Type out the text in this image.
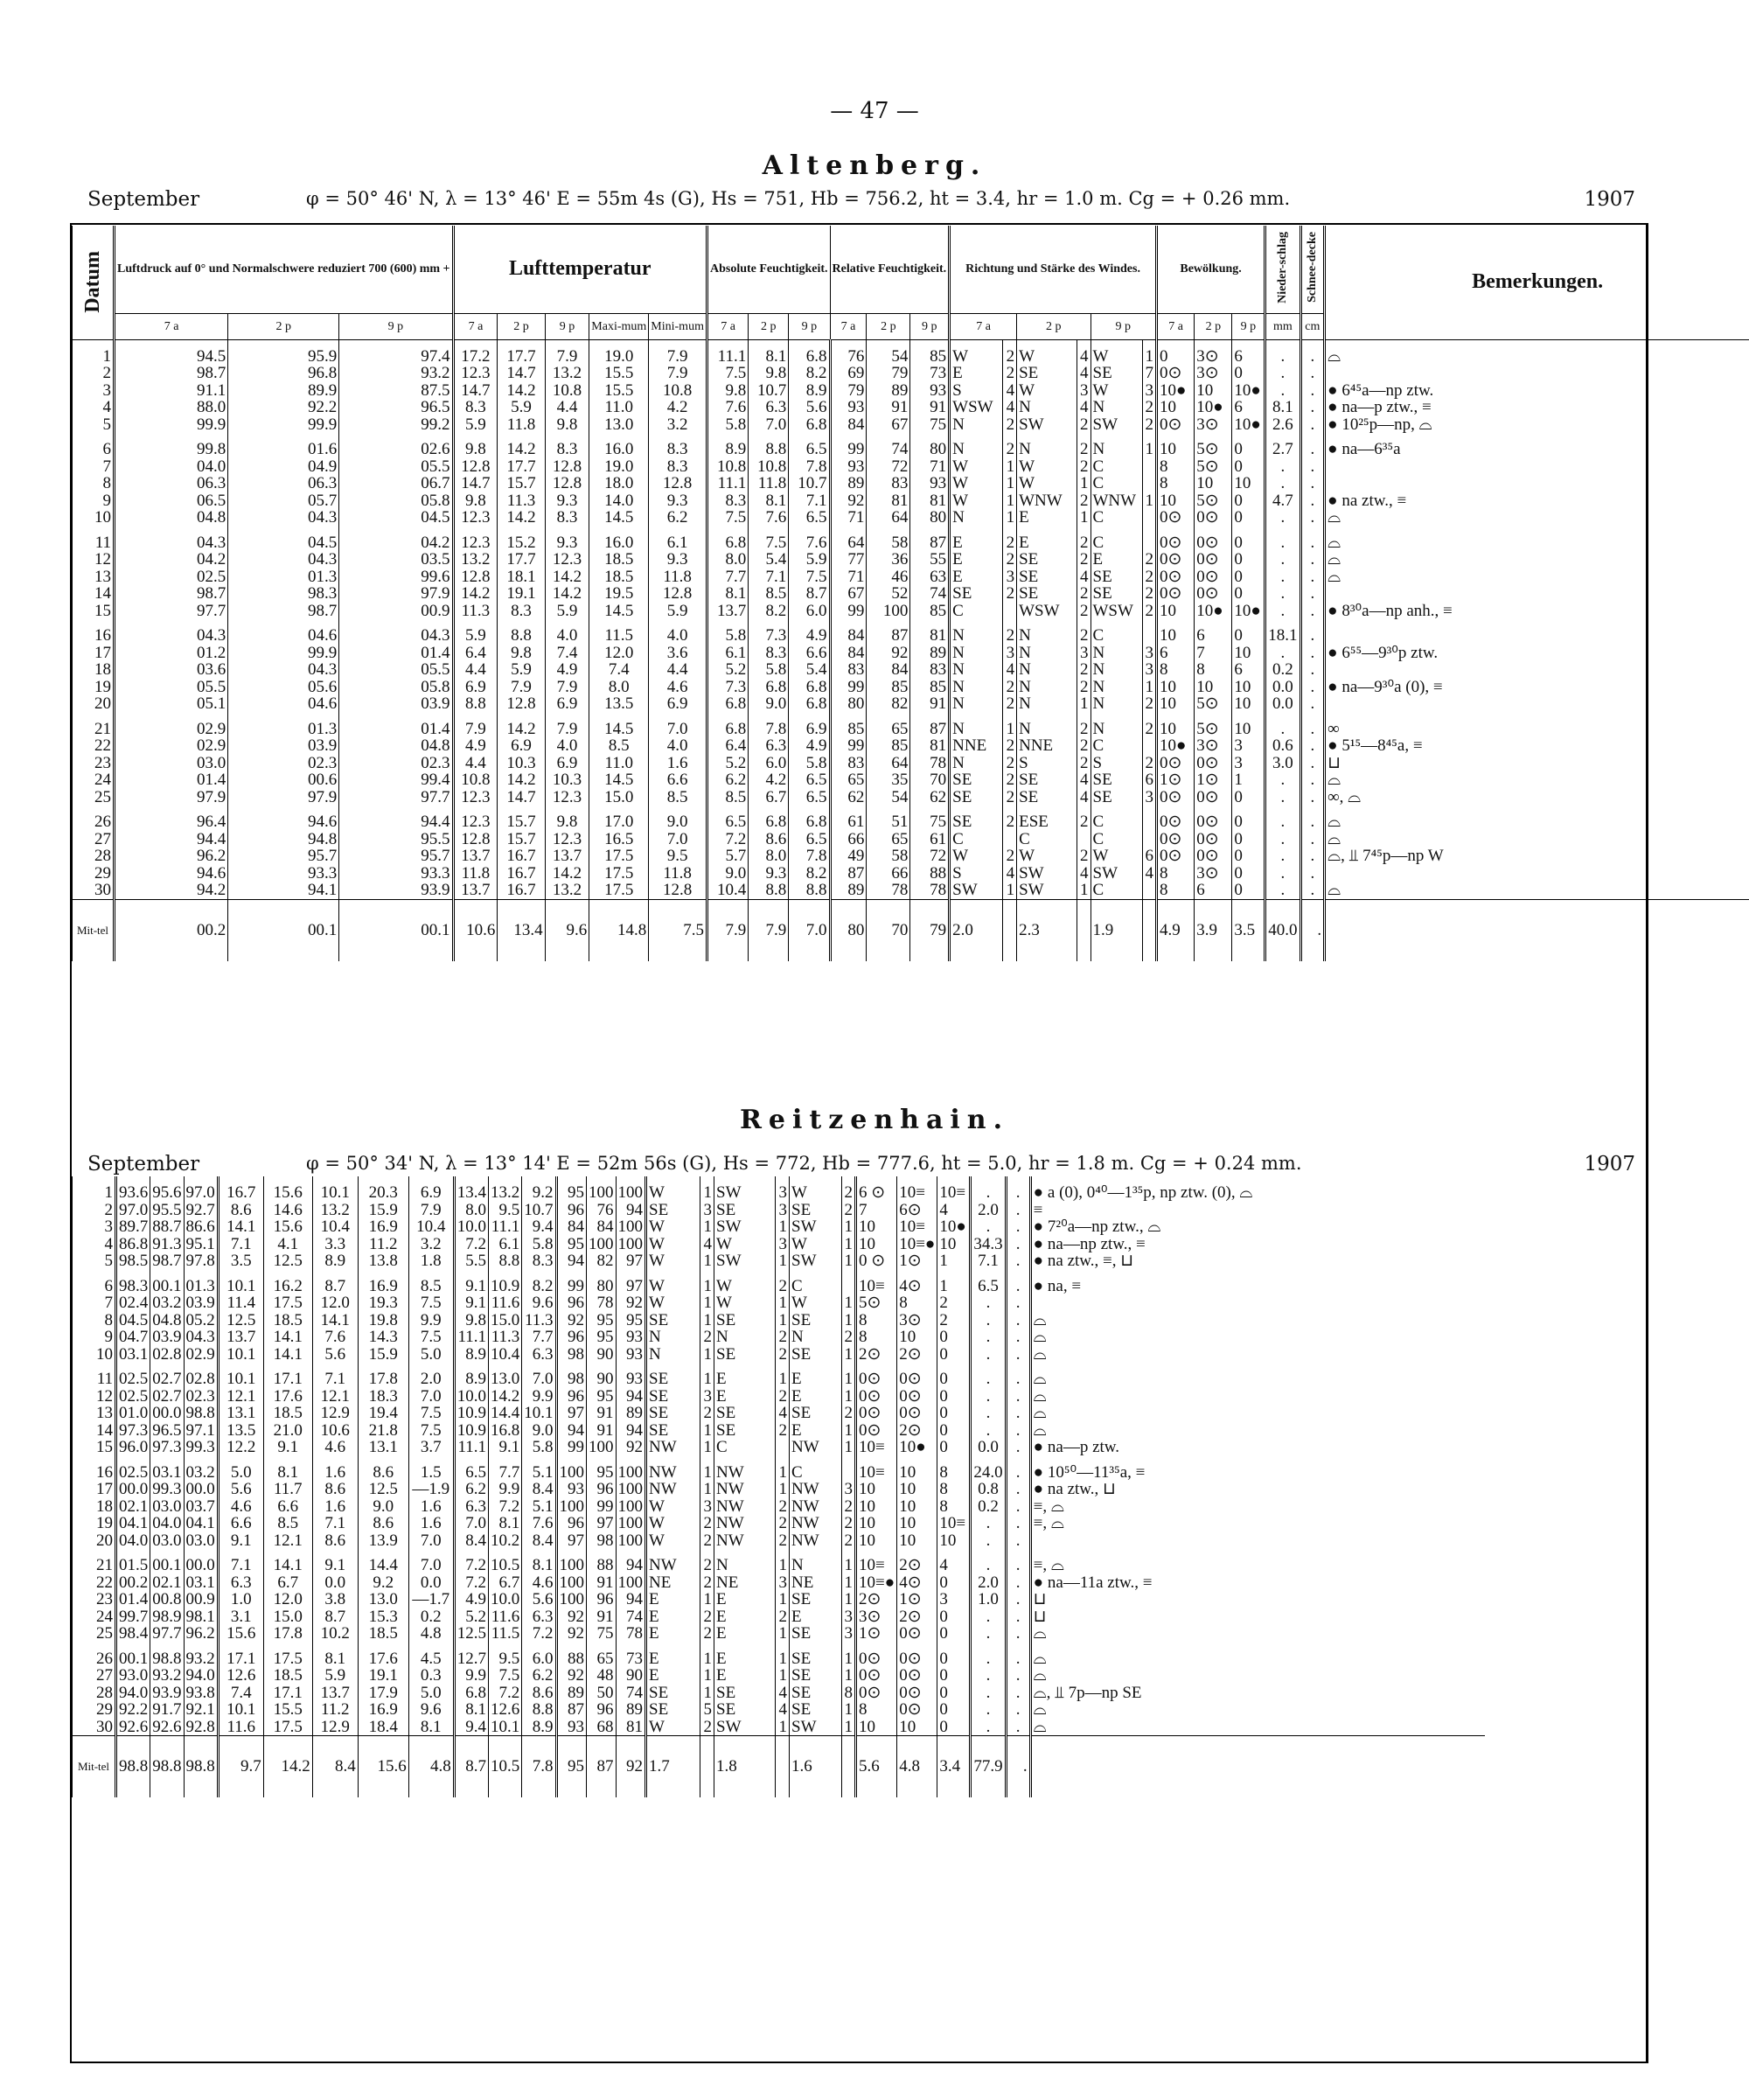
— 47 —
Altenberg.
September	φ = 50° 46' N, λ = 13° 46' E = 55m 4s (G), Hs = 751, Hb = 756.2, ht = 3.4, hr = 1.0 m. Cg = + 0.26 mm.	1907
Reitzenhain.
September	φ = 50° 34' N, λ = 13° 14' E = 52m 56s (G), Hs = 772, Hb = 777.6, ht = 5.0, hr = 1.8 m. Cg = + 0.24 mm.	1907
Datum	Luftdruck auf 0° und Normalschwere reduziert 700 (600) mm +			Lufttemperatur					Absolute Feuchtigkeit.			Relative Feuchtigkeit.			Richtung und Stärke des Windes.						Bewölkung.			Nieder-schlag	Schnee-decke	Bemerkungen.
	7 a	2 p	9 p	7 a	2 p	9 p	Maxi-mum	Mini-mum	7 a	2 p	9 p	7 a	2 p	9 p	7 a		2 p		9 p		7 a	2 p	9 p	mm	cm	
1	94.5	95.9	97.4	17.2	17.7	7.9	19.0	7.9	11.1	8.1	6.8	76	54	85	W	2	W	4	W	1	0	3⊙	6	.	.	⌓
2	98.7	96.8	93.2	12.3	14.7	13.2	15.5	7.9	7.5	9.8	8.2	69	79	73	E	2	SE	4	SE	7	0⊙	3⊙	0	.	.	
3	91.1	89.9	87.5	14.7	14.2	10.8	15.5	10.8	9.8	10.7	8.9	79	89	93	S	4	W	3	W	3	10●	10	10●	.	.	● 6⁴⁵a—np ztw.
4	88.0	92.2	96.5	8.3	5.9	4.4	11.0	4.2	7.6	6.3	5.6	93	91	91	WSW	4	N	4	N	2	10	10●	6	8.1	.	● na—p ztw., ≡
5	99.9	99.9	99.2	5.9	11.8	9.8	13.0	3.2	5.8	7.0	6.8	84	67	75	N	2	SW	2	SW	2	0⊙	3⊙	10●	2.6	.	● 10²⁵p—np, ⌓
6	99.8	01.6	02.6	9.8	14.2	8.3	16.0	8.3	8.9	8.8	6.5	99	74	80	N	2	N	2	N	1	10	5⊙	0	2.7	.	● na—6³⁵a
7	04.0	04.9	05.5	12.8	17.7	12.8	19.0	8.3	10.8	10.8	7.8	93	72	71	W	1	W	2	C		8	5⊙	0	.	.	
8	06.3	06.3	06.7	14.7	15.7	12.8	18.0	12.8	11.1	11.8	10.7	89	83	93	W	1	W	1	C		8	10	10	.	.	
9	06.5	05.7	05.8	9.8	11.3	9.3	14.0	9.3	8.3	8.1	7.1	92	81	81	W	1	WNW	2	WNW	1	10	5⊙	0	4.7	.	● na ztw., ≡
10	04.8	04.3	04.5	12.3	14.2	8.3	14.5	6.2	7.5	7.6	6.5	71	64	80	N	1	E	1	C		0⊙	0⊙	0	.	.	⌓
11	04.3	04.5	04.2	12.3	15.2	9.3	16.0	6.1	6.8	7.5	7.6	64	58	87	E	2	E	2	C		0⊙	0⊙	0	.	.	⌓
12	04.2	04.3	03.5	13.2	17.7	12.3	18.5	9.3	8.0	5.4	5.9	77	36	55	E	2	SE	2	E	2	0⊙	0⊙	0	.	.	⌓
13	02.5	01.3	99.6	12.8	18.1	14.2	18.5	11.8	7.7	7.1	7.5	71	46	63	E	3	SE	4	SE	2	0⊙	0⊙	0	.	.	⌓
14	98.7	98.3	97.9	14.2	19.1	14.2	19.5	12.8	8.1	8.5	8.7	67	52	74	SE	2	SE	2	SE	2	0⊙	0⊙	0	.	.	
15	97.7	98.7	00.9	11.3	8.3	5.9	14.5	5.9	13.7	8.2	6.0	99	100	85	C		WSW	2	WSW	2	10	10●	10●	.	.	● 8³⁰a—np anh., ≡
16	04.3	04.6	04.3	5.9	8.8	4.0	11.5	4.0	5.8	7.3	4.9	84	87	81	N	2	N	2	C		10	6	0	18.1	.	
17	01.2	99.9	01.4	6.4	9.8	7.4	12.0	3.6	6.1	8.3	6.6	84	92	89	N	3	N	3	N	3	6	7	10	.	.	● 6⁵⁵—9³⁰p ztw.
18	03.6	04.3	05.5	4.4	5.9	4.9	7.4	4.4	5.2	5.8	5.4	83	84	83	N	4	N	2	N	3	8	8	6	0.2	.	
19	05.5	05.6	05.8	6.9	7.9	7.9	8.0	4.6	7.3	6.8	6.8	99	85	85	N	2	N	2	N	1	10	10	10	0.0	.	● na—9³⁰a (0), ≡
20	05.1	04.6	03.9	8.8	12.8	6.9	13.5	6.9	6.8	9.0	6.8	80	82	91	N	2	N	1	N	2	10	5⊙	10	0.0	.	
21	02.9	01.3	01.4	7.9	14.2	7.9	14.5	7.0	6.8	7.8	6.9	85	65	87	N	1	N	2	N	2	10	5⊙	10	.	.	∞
22	02.9	03.9	04.8	4.9	6.9	4.0	8.5	4.0	6.4	6.3	4.9	99	85	81	NNE	2	NNE	2	C		10●	3⊙	3	0.6	.	● 5¹⁵—8⁴⁵a, ≡
23	03.0	02.3	02.3	4.4	10.3	6.9	11.0	1.6	5.2	6.0	5.8	83	64	78	N	2	S	2	S	2	0⊙	0⊙	3	3.0	.	⊔
24	01.4	00.6	99.4	10.8	14.2	10.3	14.5	6.6	6.2	4.2	6.5	65	35	70	SE	2	SE	4	SE	6	1⊙	1⊙	1	.	.	⌓
25	97.9	97.9	97.7	12.3	14.7	12.3	15.0	8.5	8.5	6.7	6.5	62	54	62	SE	2	SE	4	SE	3	0⊙	0⊙	0	.	.	∞, ⌓
26	96.4	94.6	94.4	12.3	15.7	9.8	17.0	9.0	6.5	6.8	6.8	61	51	75	SE	2	ESE	2	C		0⊙	0⊙	0	.	.	⌓
27	94.4	94.8	95.5	12.8	15.7	12.3	16.5	7.0	7.2	8.6	6.5	66	65	61	C		C		C		0⊙	0⊙	0	.	.	⌓
28	96.2	95.7	95.7	13.7	16.7	13.7	17.5	9.5	5.7	8.0	7.8	49	58	72	W	2	W	2	W	6	0⊙	0⊙	0	.	.	⌓, ⫫ 7⁴⁵p—np W
29	94.6	93.3	93.3	11.8	16.7	14.2	17.5	11.8	9.0	9.3	8.2	87	66	88	S	4	SW	4	SW	4	8	3⊙	0	.	.	
30	94.2	94.1	93.9	13.7	16.7	13.2	17.5	12.8	10.4	8.8	8.8	89	78	78	SW	1	SW	1	C		8	6	0	.	.	⌓
Mit-tel	00.2	00.1	00.1	10.6	13.4	9.6	14.8	7.5	7.9	7.9	7.0	80	70	79	2.0		2.3		1.9		4.9	3.9	3.5	40.0	.	
1	93.6	95.6	97.0	16.7	15.6	10.1	20.3	6.9	13.4	13.2	9.2	95	100	100	W	1	SW	3	W	2	6 ⊙	10≡	10≡	.	.	● a (0), 0⁴⁰—1³⁵p, np ztw. (0), ⌓
2	97.0	95.5	92.7	8.6	14.6	13.2	15.9	7.9	8.0	9.5	10.7	96	76	94	SE	3	SE	3	SE	2	7	6⊙	4	2.0	.	≡
3	89.7	88.7	86.6	14.1	15.6	10.4	16.9	10.4	10.0	11.1	9.4	84	84	100	W	1	SW	1	SW	1	10	10≡	10●	.	.	● 7²⁰a—np ztw., ⌓
4	86.8	91.3	95.1	7.1	4.1	3.3	11.2	3.2	7.2	6.1	5.8	95	100	100	W	4	W	3	W	1	10	10≡●	10	34.3	.	● na—np ztw., ≡
5	98.5	98.7	97.8	3.5	12.5	8.9	13.8	1.8	5.5	8.8	8.3	94	82	97	W	1	SW	1	SW	1	0 ⊙	1⊙	1	7.1	.	● na ztw., ≡, ⊔
6	98.3	00.1	01.3	10.1	16.2	8.7	16.9	8.5	9.1	10.9	8.2	99	80	97	W	1	W	2	C		10≡	4⊙	1	6.5	.	● na, ≡
7	02.4	03.2	03.9	11.4	17.5	12.0	19.3	7.5	9.1	11.6	9.6	96	78	92	W	1	W	1	W	1	5⊙	8	2	.	.	
8	04.5	04.8	05.2	12.5	18.5	14.1	19.8	9.9	9.8	15.0	11.3	92	95	95	SE	1	SE	1	SE	1	8	3⊙	2	.	.	⌓
9	04.7	03.9	04.3	13.7	14.1	7.6	14.3	7.5	11.1	11.3	7.7	96	95	93	N	2	N	2	N	2	8	10	0	.	.	⌓
10	03.1	02.8	02.9	10.1	14.1	5.6	15.9	5.0	8.9	10.4	6.3	98	90	93	N	1	SE	2	SE	1	2⊙	2⊙	0	.	.	⌓
11	02.5	02.7	02.8	10.1	17.1	7.1	17.8	2.0	8.9	13.0	7.0	98	90	93	SE	1	E	1	E	1	0⊙	0⊙	0	.	.	⌓
12	02.5	02.7	02.3	12.1	17.6	12.1	18.3	7.0	10.0	14.2	9.9	96	95	94	SE	3	E	2	E	1	0⊙	0⊙	0	.	.	⌓
13	01.0	00.0	98.8	13.1	18.5	12.9	19.4	7.5	10.9	14.4	10.1	97	91	89	SE	2	SE	4	SE	2	0⊙	0⊙	0	.	.	⌓
14	97.3	96.5	97.1	13.5	21.0	10.6	21.8	7.5	10.9	16.8	9.0	94	91	94	SE	1	SE	2	E	1	0⊙	2⊙	0	.	.	⌓
15	96.0	97.3	99.3	12.2	9.1	4.6	13.1	3.7	11.1	9.1	5.8	99	100	92	NW	1	C		NW	1	10≡	10●	0	0.0	.	● na—p ztw.
16	02.5	03.1	03.2	5.0	8.1	1.6	8.6	1.5	6.5	7.7	5.1	100	95	100	NW	1	NW	1	C		10≡	10	8	24.0	.	● 10⁵⁰—11³⁵a, ≡
17	00.0	99.3	00.0	5.6	11.7	8.6	12.5	—1.9	6.2	9.9	8.4	93	96	100	NW	1	NW	1	NW	3	10	10	8	0.8	.	● na ztw., ⊔
18	02.1	03.0	03.7	4.6	6.6	1.6	9.0	1.6	6.3	7.2	5.1	100	99	100	W	3	NW	2	NW	2	10	10	8	0.2	.	≡, ⌓
19	04.1	04.0	04.1	6.6	8.5	7.1	8.6	1.6	7.0	8.1	7.6	96	97	100	W	2	NW	2	NW	2	10	10	10≡	.	.	≡, ⌓
20	04.0	03.0	03.0	9.1	12.1	8.6	13.9	7.0	8.4	10.2	8.4	97	98	100	W	2	NW	2	NW	2	10	10	10	.	.	
21	01.5	00.1	00.0	7.1	14.1	9.1	14.4	7.0	7.2	10.5	8.1	100	88	94	NW	2	N	1	N	1	10≡	2⊙	4	.	.	≡, ⌓
22	00.2	02.1	03.1	6.3	6.7	0.0	9.2	0.0	7.2	6.7	4.6	100	91	100	NE	2	NE	3	NE	1	10≡●	4⊙	0	2.0	.	● na—11a ztw., ≡
23	01.4	00.8	00.9	1.0	12.0	3.8	13.0	—1.7	4.9	10.0	5.6	100	96	94	E	1	E	1	SE	1	2⊙	1⊙	3	1.0	.	⊔
24	99.7	98.9	98.1	3.1	15.0	8.7	15.3	0.2	5.2	11.6	6.3	92	91	74	E	2	E	2	E	3	3⊙	2⊙	0	.	.	⊔
25	98.4	97.7	96.2	15.6	17.8	10.2	18.5	4.8	12.5	11.5	7.2	92	75	78	E	2	E	1	SE	3	1⊙	0⊙	0	.	.	⌓
26	00.1	98.8	93.2	17.1	17.5	8.1	17.6	4.5	12.7	9.5	6.0	88	65	73	E	1	E	1	SE	1	0⊙	0⊙	0	.	.	⌓
27	93.0	93.2	94.0	12.6	18.5	5.9	19.1	0.3	9.9	7.5	6.2	92	48	90	E	1	E	1	SE	1	0⊙	0⊙	0	.	.	⌓
28	94.0	93.9	93.8	7.4	17.1	13.7	17.9	5.0	6.8	7.2	8.6	89	50	74	SE	1	SE	4	SE	8	0⊙	0⊙	0	.	.	⌓, ⫫ 7p—np SE
29	92.2	91.7	92.1	10.1	15.5	11.2	16.9	9.6	8.1	12.6	8.8	87	96	89	SE	5	SE	4	SE	1	8	0⊙	0	.	.	⌓
30	92.6	92.6	92.8	11.6	17.5	12.9	18.4	8.1	9.4	10.1	8.9	93	68	81	W	2	SW	1	SW	1	10	10	0	.	.	⌓
Mit-tel	98.8	98.8	98.8	9.7	14.2	8.4	15.6	4.8	8.7	10.5	7.8	95	87	92	1.7		1.8		1.6		5.6	4.8	3.4	77.9	.	
